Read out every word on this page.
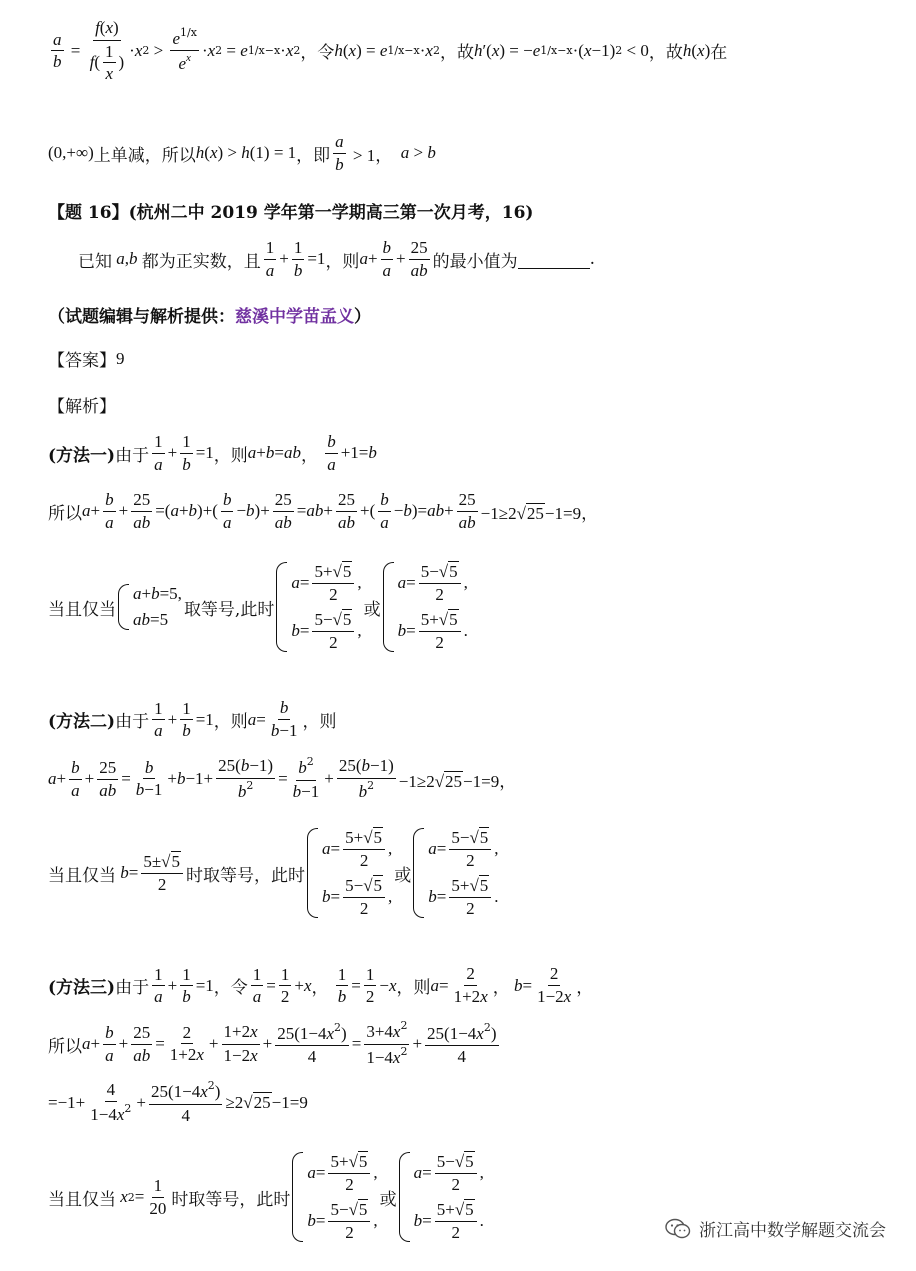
$\frac{a}{b} = \frac{f(x)}{f( \frac{1}{x} )} \cdot x$ $2 > \frac{e^{1/x}}{e^x} \cdot x$ 2 = e 1/x−x · x 2 ，令 h ( x ) = e 1/x−x · x 2 ，故 h ′( x ) = − e 1/x−x ·( x −1) 2 < 0 ，故 h ( x ) 在
(0,+∞) 上单减，所以 h ( x ) > h (1) = 1 ，即 $\frac{a}{b} > 1$， a > b
【题 16】(杭州二中 2019 学年第一学期高三第一次月考，16)
已知 a , b 都为正实数，且 $\frac{1}{a} + \frac{1}{b} =1$ ，则 $a + \frac{b}{a} + \frac{25}{ab}$ 的最小值为	.
（试题编辑与解析提供： 慈溪中学苗孟义 ）
【答案】 9
【解析】
(方法一) 由于 $\frac{1}{a} + \frac{1}{b} =1$ ，则 a + b = ab ， $\frac{b}{a} +1= b$
所以 $a + \frac{b}{a} + \frac{25}{ab}$ =( a + b )+( $\frac{b}{a} - b$ )+ $\frac{25}{ab}$ = ab + $\frac{25}{ab}$ +( $\frac{b}{a} - b$ )= ab + $\frac{25}{ab} -1\ge 2√25-1=9$，
当且仅当
a + b =5,
ab =5 取等号,此时
$a = \frac{5+√5}{2}$ ,
$b = \frac{5-√5}{2}$ ,
或
$a = \frac{5-√5}{2}$ ,
$b = \frac{5+√5}{2}$ .
(方法二) 由于 $\frac{1}{a} + \frac{1}{b} =1$ ，则 $a = \frac{b}{b-1}$ ，则
$a + \frac{b}{a} + \frac{25}{ab} = \frac{b}{b-1} + b -1+ \frac{25(b-1)}{b^2} = \frac{b^2}{b-1} + \frac{25(b-1)}{b^2} -1\ge 2√25-1=9$，
当且仅当 $b = \frac{5\pm√5}{2}$ 时取等号，此时
$a = \frac{5+√5}{2}$ ,
$b = \frac{5-√5}{2}$ ,
或
$a = \frac{5-√5}{2}$ ,
$b = \frac{5+√5}{2}$ .
(方法三) 由于 $\frac{1}{a} + \frac{1}{b} =1$ ，令 $\frac{1}{a} = \frac{1}{2} + x$ ， $\frac{1}{b} = \frac{1}{2} - x$ ，则 $a = \frac{2}{1+2x}$ ， $b = \frac{2}{1-2x}$ ，
所以 $a + \frac{b}{a} + \frac{25}{ab} = \frac{2}{1+2x} + \frac{1+2x}{1-2x} + \frac{25(1-4x^2)}{4} = \frac{3+4x^2}{1-4x^2} + \frac{25(1-4x^2)}{4}$
$=-1+ \frac{4}{1-4x^2} + \frac{25(1-4x^2)}{4} \ge 2√25-1=9$
当且仅当 x $2 = \frac{1}{20}$ 时取等号，此时
$a = \frac{5+√5}{2}$ ,
$b = \frac{5-√5}{2}$ ,
或
$a = \frac{5-√5}{2}$ ,
$b = \frac{5+√5}{2}$ .
浙江高中数学解题交流会
